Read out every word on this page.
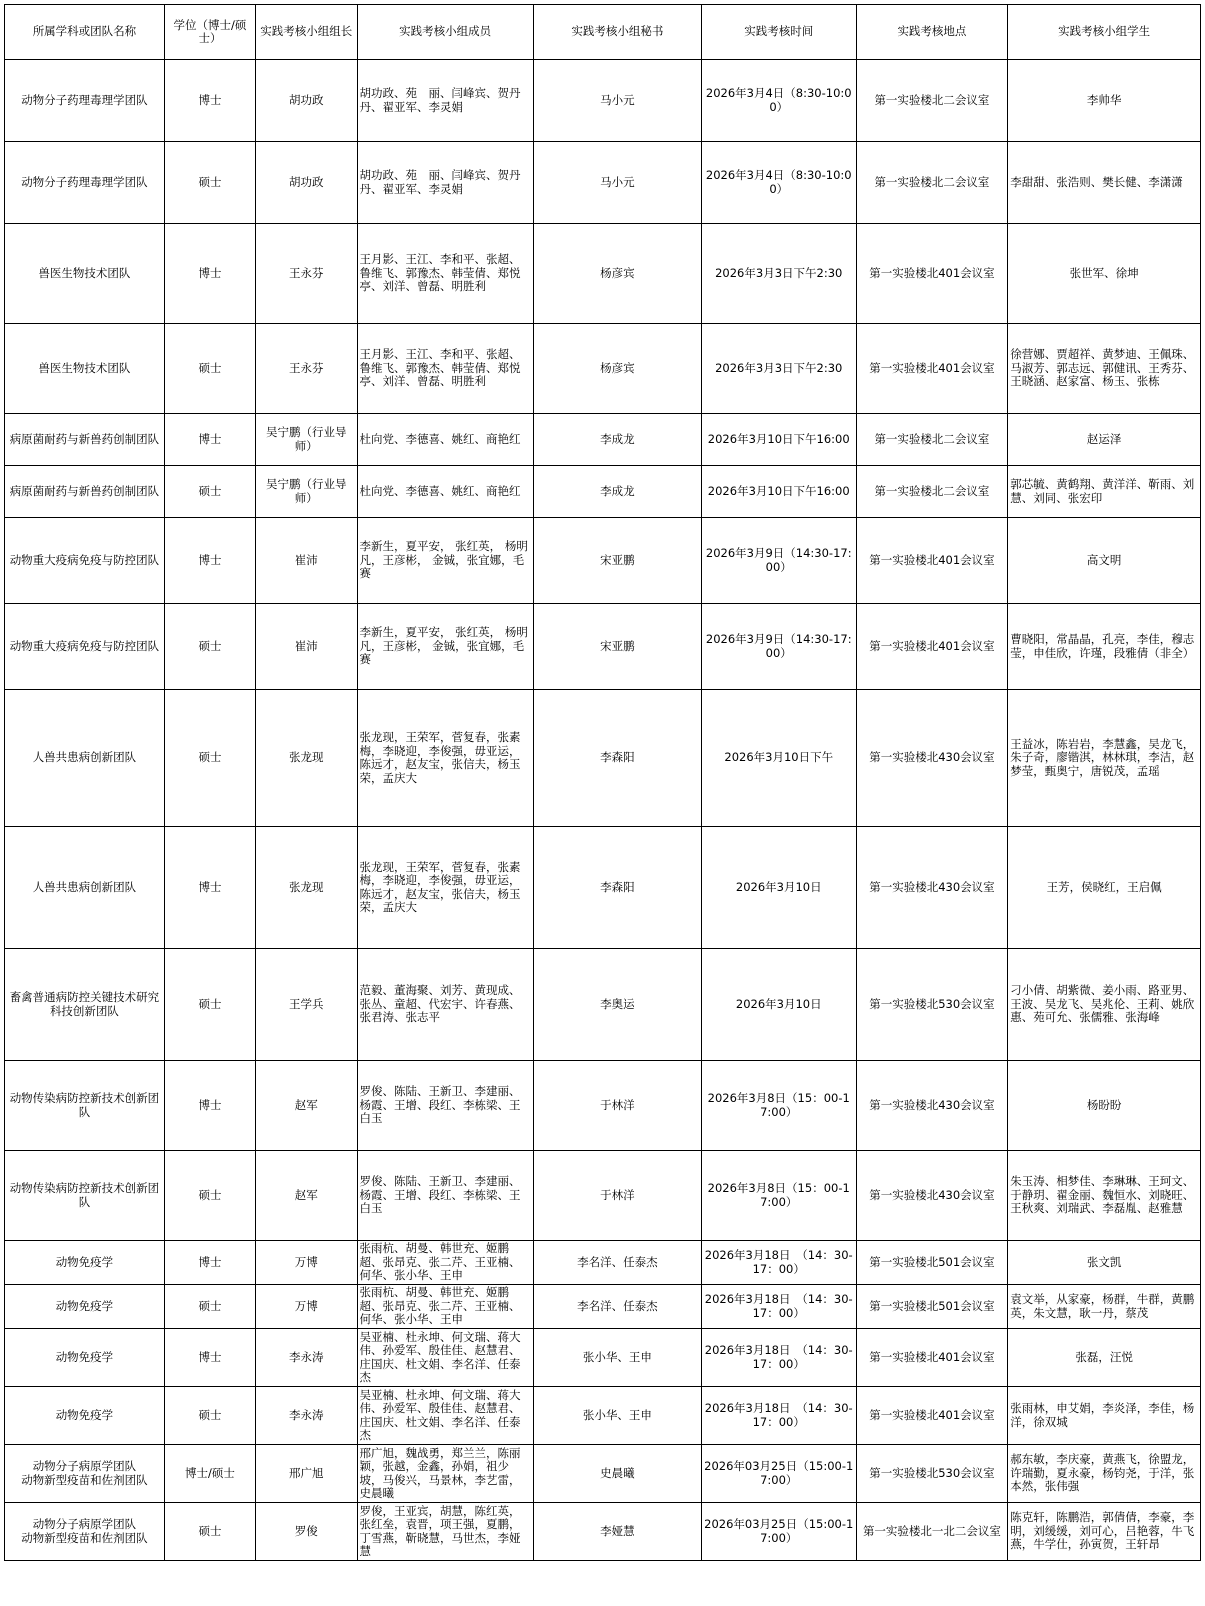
所属学科或团队名称	学位（博士/硕士）	实践考核小组组长	实践考核小组成员	实践考核小组秘书	实践考核时间	实践考核地点	实践考核小组学生
动物分子药理毒理学团队	博士	胡功政	胡功政、苑　丽、闫峰宾、贺丹丹、翟亚军、李灵娟	马小元	2026年3月4日（8:30-10:00）	第一实验楼北二会议室	李帅华
动物分子药理毒理学团队	硕士	胡功政	胡功政、苑　丽、闫峰宾、贺丹丹、翟亚军、李灵娟	马小元	2026年3月4日（8:30-10:00）	第一实验楼北二会议室	李甜甜、张浩则、樊长健、李潇潇
兽医生物技术团队	博士	王永芬	王月影、王江、李和平、张超、鲁维飞、郭豫杰、韩莹倩、郑悦亭、刘洋、曾磊、明胜利	杨彦宾	2026年3月3日下午2:30	第一实验楼北401会议室	张世军、徐坤
兽医生物技术团队	硕士	王永芬	王月影、王江、李和平、张超、鲁维飞、郭豫杰、韩莹倩、郑悦亭、刘洋、曾磊、明胜利	杨彦宾	2026年3月3日下午2:30	第一实验楼北401会议室	徐营娜、贾超祥、黄梦迪、王佩珠、马淑芳、郭志远、郭健讯、王秀芬、王晓涵、赵家富、杨玉、张栋
病原菌耐药与新兽药创制团队	博士	吴宁鹏（行业导师）	杜向党、李德喜、姚红、商艳红	李成龙	2026年3月10日下午16:00	第一实验楼北二会议室	赵运泽
病原菌耐药与新兽药创制团队	硕士	吴宁鹏（行业导师）	杜向党、李德喜、姚红、商艳红	李成龙	2026年3月10日下午16:00	第一实验楼北二会议室	郭芯毓、黄鹤翔、黄洋洋、靳雨、刘慧、刘同、张宏印
动物重大疫病免疫与防控团队	博士	崔沛	李新生，夏平安， 张红英， 杨明凡，王彦彬， 金铖，张宜娜，毛赛	宋亚鹏	2026年3月9日（14:30-17:00）	第一实验楼北401会议室	高文明
动物重大疫病免疫与防控团队	硕士	崔沛	李新生，夏平安， 张红英， 杨明凡，王彦彬， 金铖，张宜娜，毛赛	宋亚鹏	2026年3月9日（14:30-17:00）	第一实验楼北401会议室	曹晓阳，常晶晶，孔亮，李佳，穆志莹，申佳欣，许瑾，段雅倩（非全）
人兽共患病创新团队	硕士	张龙现	张龙现，王荣军，菅复春，张素梅，李晓迎，李俊强，毋亚运，陈远才，赵友宝，张信夫，杨玉荣，孟庆大	李森阳	2026年3月10日下午	第一实验楼北430会议室	王益冰，陈岩岩，李慧鑫，吴龙飞，朱子奇，廖锴淇，林林琪，李洁，赵梦莹，甄奥宁，唐锐茂，孟瑶
人兽共患病创新团队	博士	张龙现	张龙现，王荣军，菅复春，张素梅，李晓迎，李俊强，毋亚运，陈远才，赵友宝，张信夫，杨玉荣，孟庆大	李森阳	2026年3月10日	第一实验楼北430会议室	王芳，侯晓红，王启佩
畜禽普通病防控关键技术研究科技创新团队	硕士	王学兵	范毅、董海聚、刘芳、黄现成、张丛、童超、代宏宇、许春燕、张君涛、张志平	李奥运	2026年3月10日	第一实验楼北530会议室	刁小倩、胡紫微、姜小雨、路亚男、王波、吴龙飞、吴兆伦、王莉、姚欣惠、苑可允、张儒雅、张海峰
动物传染病防控新技术创新团队	博士	赵军	罗俊、陈陆、王新卫、李建丽、杨霞、王增、段红、李栋梁、王白玉	于林洋	2026年3月8日（15：00-17:00）	第一实验楼北430会议室	杨盼盼
动物传染病防控新技术创新团队	硕士	赵军	罗俊、陈陆、王新卫、李建丽、杨霞、王增、段红、李栋梁、王白玉	于林洋	2026年3月8日（15：00-17:00）	第一实验楼北430会议室	朱玉涛、相梦佳、李琳琳、王珂文、于静玥、翟金丽、魏恒水、刘晓旺、王秋爽、刘瑞武、李磊胤、赵雅慧
动物免疫学	博士	万博	张雨杭、胡曼、韩世充、姬鹏超、张昂克、张二芹、王亚楠、何华、张小华、王申	李名洋、任泰杰	2026年3月18日　（14：30-17：00）	第一实验楼北501会议室	张文凯
动物免疫学	硕士	万博	张雨杭、胡曼、韩世充、姬鹏超、张昂克、张二芹、王亚楠、何华、张小华、王申	李名洋、任泰杰	2026年3月18日　（14：30-17：00）	第一实验楼北501会议室	袁文举，从家豪，杨群，牛群，黄鹏英，朱文慧，耿一丹，蔡茂
动物免疫学	博士	李永涛	吴亚楠、杜永坤、何文瑞、蒋大伟、孙爱军、殷佳佳、赵慧君、庄国庆、杜文娟、李名洋、任泰杰	张小华、王申	2026年3月18日　（14：30-17：00）	第一实验楼北401会议室	张磊，汪悦
动物免疫学	硕士	李永涛	吴亚楠、杜永坤、何文瑞、蒋大伟、孙爱军、殷佳佳、赵慧君、庄国庆、杜文娟、李名洋、任泰杰	张小华、王申	2026年3月18日　（14：30-17：00）	第一实验楼北401会议室	张雨林，申艾娟，李炎泽，李佳，杨洋，徐双城
动物分子病原学团队　　　　动物新型疫苗和佐剂团队	博士/硕士	邢广旭	邢广旭，魏战勇，郑兰兰，陈丽颖，张越，金鑫，孙娟，祖少坡，马俊兴，马景林，李艺雷，史晨曦	史晨曦	2026年03月25日（15:00-17:00）	第一实验楼北530会议室	郝东敏，李庆豪，黄燕飞，徐盟龙，许瑞勤，夏永豪，杨钧尧，于洋，张本然，张伟强
动物分子病原学团队　　　　动物新型疫苗和佐剂团队	硕士	罗俊	罗俊，王亚宾，胡慧，陈红英，张红垒，袁晋，项王强，夏鹏，丁雪燕，靳晓慧，马世杰，李娅慧	李娅慧	2026年03月25日（15:00-17:00）	第一实验楼北一北二会议室	陈克轩，陈鹏浩，郭倩倩，李豪，李明，刘缓缓，刘可心，吕艳蓉，牛飞燕，牛学仕，孙寅贺，王轩昂
